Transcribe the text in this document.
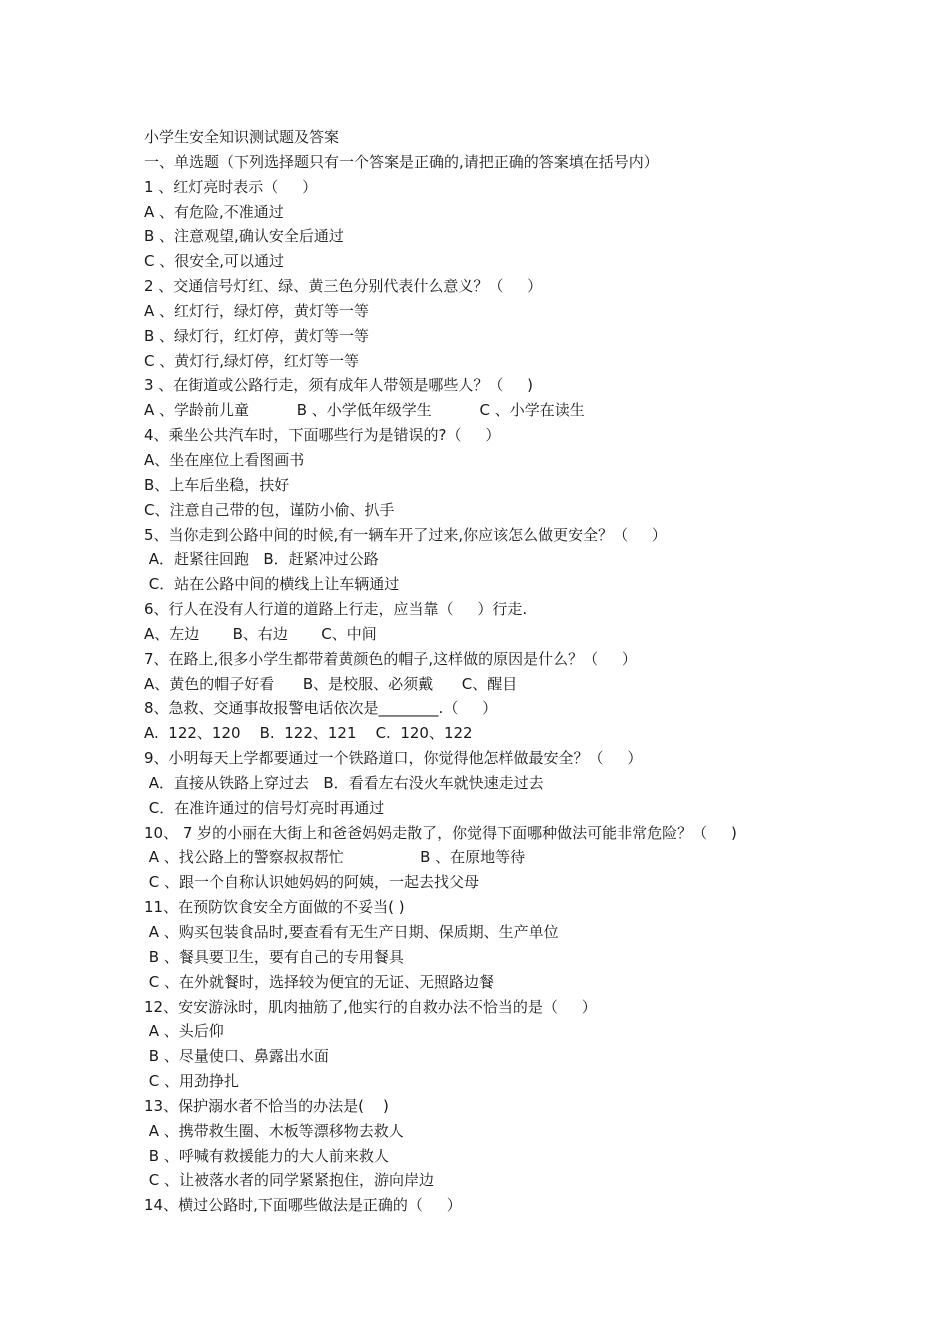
小学生安全知识测试题及答案
一、单选题（下列选择题只有一个答案是正确的,请把正确的答案填在括号内）
1 、红灯亮时表示（     ）
A 、有危险,不准通过
B 、注意观望,确认安全后通过
C 、很安全,可以通过
2 、交通信号灯红、绿、黄三色分别代表什么意义？（     ）
A 、红灯行，绿灯停，黄灯等一等
B 、绿灯行，红灯停，黄灯等一等
C 、黄灯行,绿灯停，红灯等一等
3 、在街道或公路行走，须有成年人带领是哪些人？（     )
A 、学龄前儿童          B 、小学低年级学生          C 、小学在读生
4、乘坐公共汽车时，下面哪些行为是错误的?（     ）
A、坐在座位上看图画书
B、上车后坐稳，扶好
C、注意自己带的包，谨防小偷、扒手
5、当你走到公路中间的时候,有一辆车开了过来,你应该怎么做更安全？（     ）
A．赶紧往回跑   B．赶紧冲过公路
C．站在公路中间的横线上让车辆通过
6、行人在没有人行道的道路上行走，应当靠（     ）行走.
A、左边       B、右边       C、中间
7、在路上,很多小学生都带着黄颜色的帽子,这样做的原因是什么？（     ）
A、黄色的帽子好看      B、是校服、必须戴      C、醒目
8、急救、交通事故报警电话依次是________.（     ）
A.  122、120    B.  122、121    C.  120、122
9、小明每天上学都要通过一个铁路道口，你觉得他怎样做最安全？（     ）
A．直接从铁路上穿过去   B．看看左右没火车就快速走过去
C．在准许通过的信号灯亮时再通过
10、 7 岁的小丽在大街上和爸爸妈妈走散了，你觉得下面哪种做法可能非常危险？（     )
A 、找公路上的警察叔叔帮忙                B 、在原地等待
C 、跟一个自称认识她妈妈的阿姨，一起去找父母
11、在预防饮食安全方面做的不妥当( )
A 、购买包装食品时,要查看有无生产日期、保质期、生产单位
B 、餐具要卫生，要有自己的专用餐具
C 、在外就餐时，选择较为便宜的无证、无照路边餐
12、安安游泳时，肌肉抽筋了,他实行的自救办法不恰当的是（     ）
A 、头后仰
B 、尽量使口、鼻露出水面
C 、用劲挣扎
13、保护溺水者不恰当的办法是(    )
A 、携带救生圈、木板等漂移物去救人
B 、呼喊有救援能力的大人前来救人
C 、让被落水者的同学紧紧抱住，游向岸边
14、横过公路时,下面哪些做法是正确的（     ）
